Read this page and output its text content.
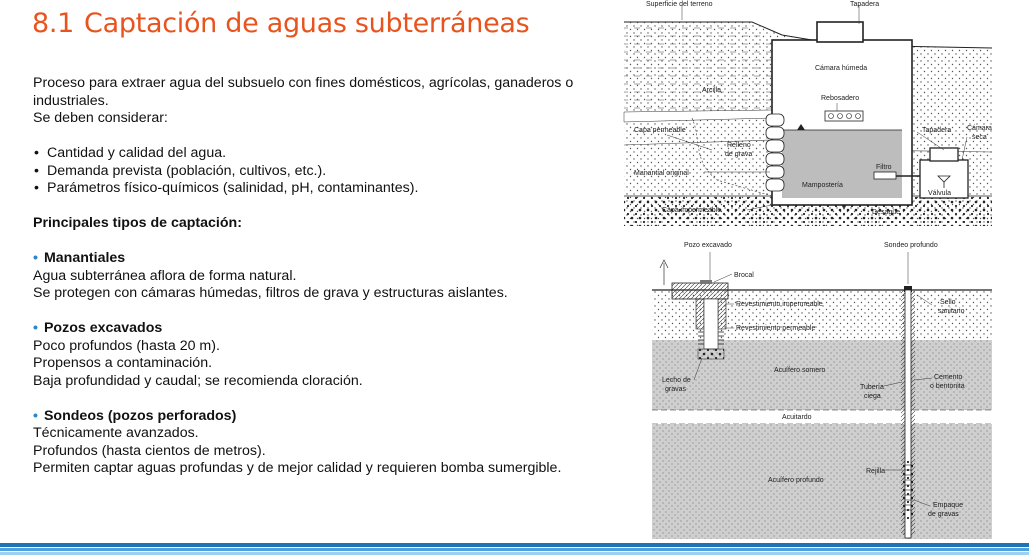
8.1 Captación de aguas subterráneas

Proceso para extraer agua del subsuelo con fines domésticos, agrícolas, ganaderos o industriales.

Se deben considerar:

• Cantidad y calidad del agua.
• Demanda prevista (población, cultivos, etc.).
• Parámetros físico-químicos (salinidad, pH, contaminantes).

Principales tipos de captación:

• Manantiales

Agua subterránea aflora de forma natural.

Se protegen con cámaras húmedas, filtros de grava y estructuras aislantes.

• Pozos excavados

Poco profundos (hasta 20 m).

Propensos a contaminación.

Baja profundidad y caudal; se recomienda cloración.

• Sondeos (pozos perforados)

Técnicamente avanzados.

Profundos (hasta cientos de metros).

Permiten captar aguas profundas y de mejor calidad y requieren bomba sumergible.

Superficie del terreno	Tapadera
Cámara húmeda
Arcilla
Rebosadero
Capa permeable	Tapadera Cámara
seca
Relleno
de grava
Filtro
Manantial original
Mampostería
Válvula
Capa impermeable	Desagüe
Pozo excavado	Sondeo profundo
Brocal
Revestimiento impermeable
Revestimiento permeable
Sello
sanitario
Acuífero somero
Lecho de
gravas	Tubería
ciega
Cemento
o bentonita
Acuitardo
Rejilla
Acuífero profundo
Empaque
de gravas
